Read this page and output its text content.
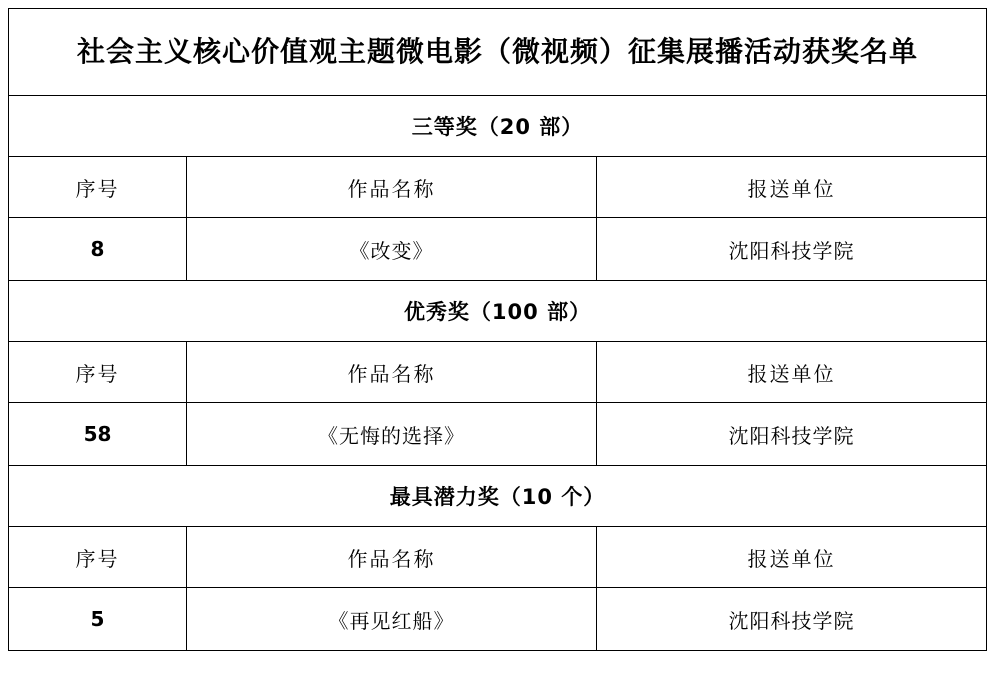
社会主义核心价值观主题微电影（微视频）征集展播活动获奖名单		
三等奖（20 部）		
序号	作品名称	报送单位
8	《改变》	沈阳科技学院
优秀奖（100 部）		
序号	作品名称	报送单位
58	《无悔的选择》	沈阳科技学院
最具潜力奖（10 个）		
序号	作品名称	报送单位
5	《再见红船》	沈阳科技学院
